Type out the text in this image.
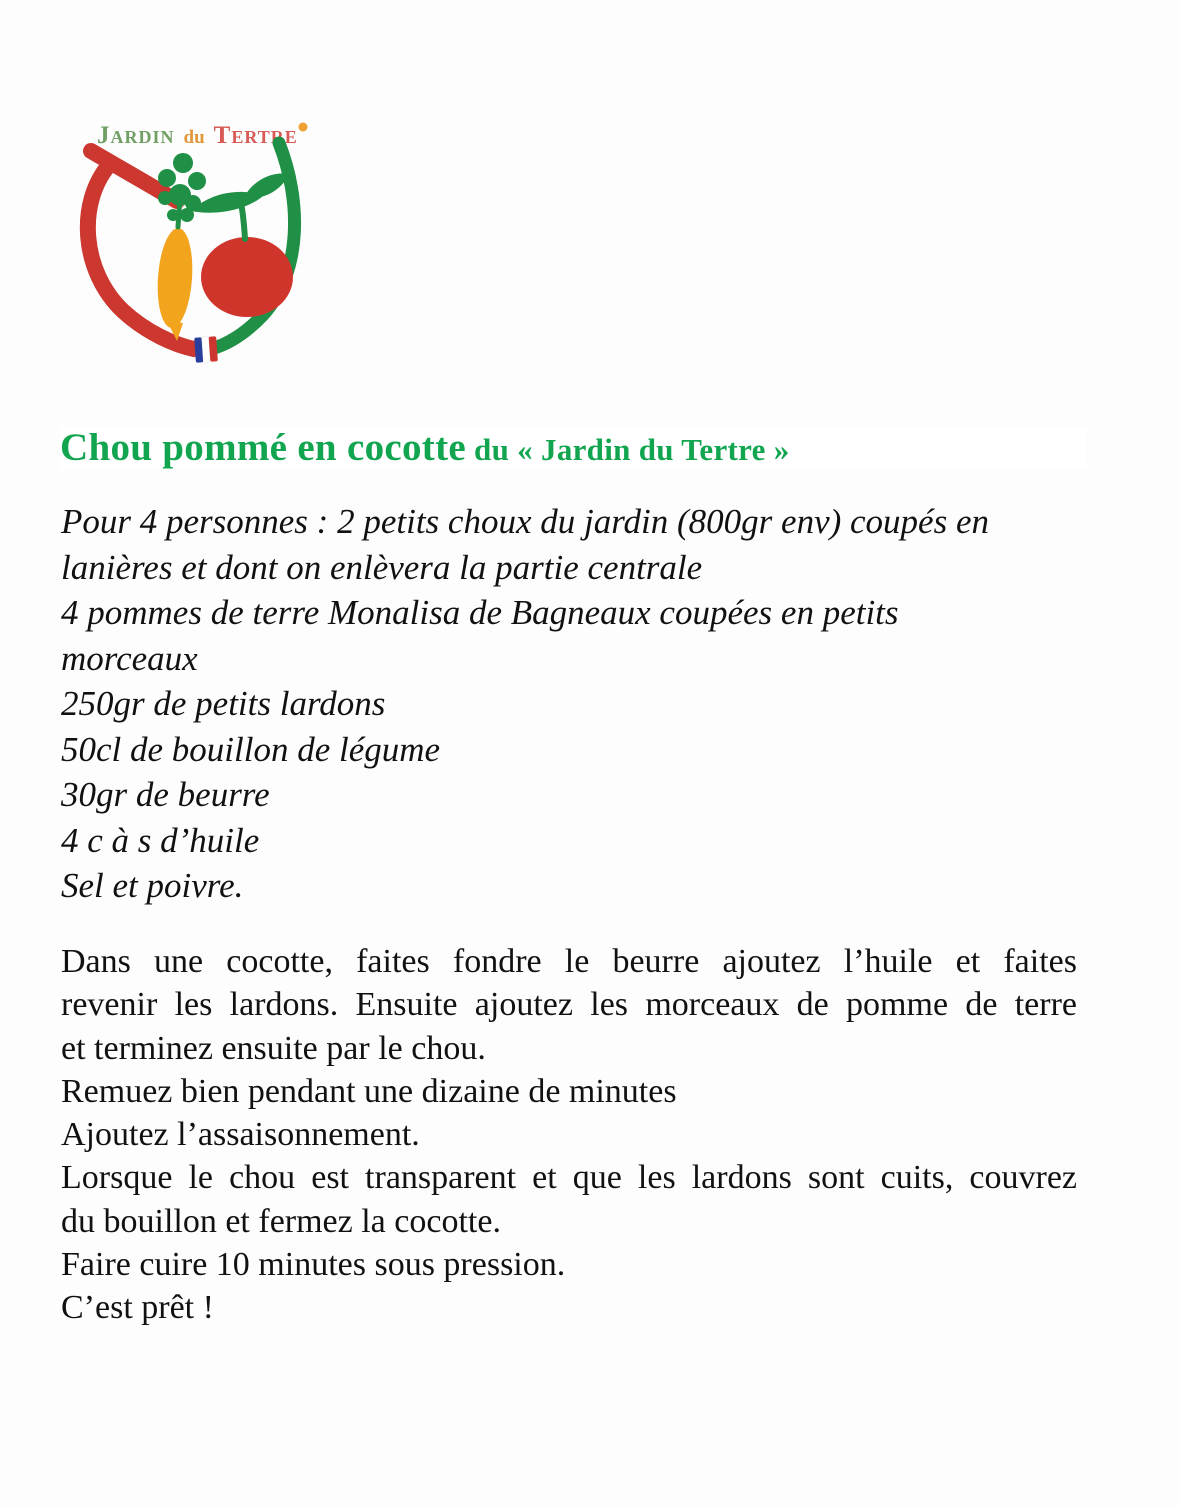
Jardin du Tertre
Chou pommé en cocotte du « Jardin du Tertre »
Pour 4 personnes : 2 petits choux du jardin (800gr env) coupés en
lanières et dont on enlèvera la partie centrale
4 pommes de terre Monalisa de Bagneaux coupées en petits
morceaux
250gr de petits lardons
50cl de bouillon de légume
30gr de beurre
4 c à s d’huile
Sel et poivre.

Dans une cocotte, faites fondre le beurre ajoutez l’huile et faites
revenir les lardons. Ensuite ajoutez les morceaux de pomme de terre
et terminez ensuite par le chou.

Remuez bien pendant une dizaine de minutes

Ajoutez l’assaisonnement.

Lorsque le chou est transparent et que les lardons sont cuits, couvrez
du bouillon et fermez la cocotte.

Faire cuire 10 minutes sous pression.

C’est prêt !
